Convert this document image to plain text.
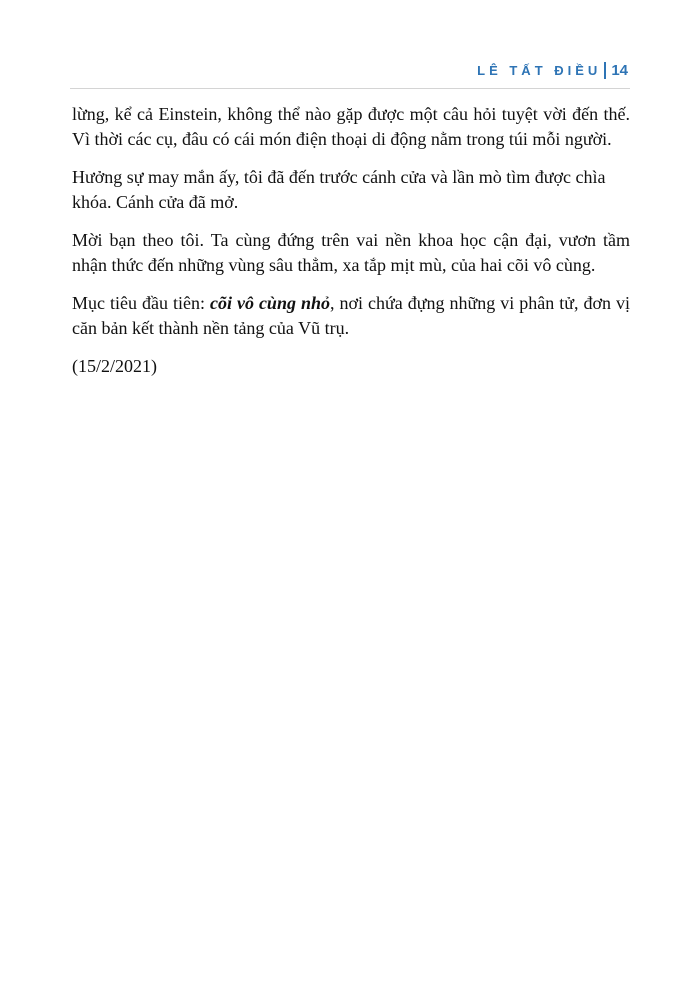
LÊ TẤT ĐIỀU 14

lừng, kể cả Einstein, không thể nào gặp được một câu hỏi tuyệt vời đến thế. Vì thời các cụ, đâu có cái món điện thoại di động nằm trong túi mỗi người.

Hưởng sự may mắn ấy, tôi đã đến trước cánh cửa và lần mò tìm được chìa khóa. Cánh cửa đã mở.

Mời bạn theo tôi. Ta cùng đứng trên vai nền khoa học cận đại, vươn tầm nhận thức đến những vùng sâu thẳm, xa tắp mịt mù, của hai cõi vô cùng.

Mục tiêu đầu tiên: cõi vô cùng nhỏ, nơi chứa đựng những vi phân tử, đơn vị căn bản kết thành nền tảng của Vũ trụ.

(15/2/2021)
